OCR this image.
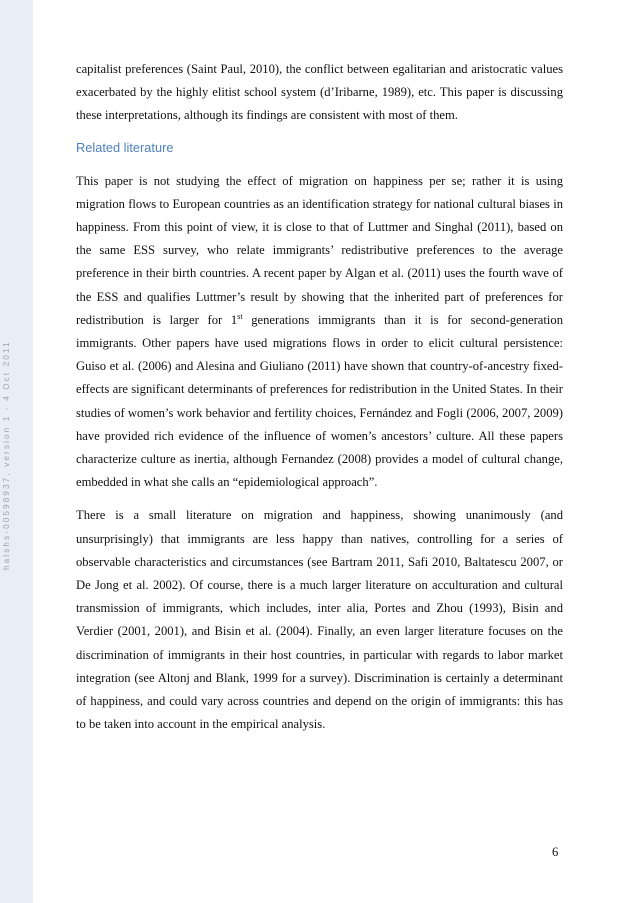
halshs-00598937, version 1 - 4 Oct 2011

capitalist preferences (Saint Paul, 2010), the conflict between egalitarian and aristocratic values exacerbated by the highly elitist school system (d’Iribarne, 1989), etc. This paper is discussing these interpretations, although its findings are consistent with most of them.

Related literature

This paper is not studying the effect of migration on happiness per se; rather it is using migration flows to European countries as an identification strategy for national cultural biases in happiness. From this point of view, it is close to that of Luttmer and Singhal (2011), based on the same ESS survey, who relate immigrants’ redistributive preferences to the average preference in their birth countries. A recent paper by Algan et al. (2011) uses the fourth wave of the ESS and qualifies Luttmer’s result by showing that the inherited part of preferences for redistribution is larger for 1st generations immigrants than it is for second-generation immigrants. Other papers have used migrations flows in order to elicit cultural persistence: Guiso et al. (2006) and Alesina and Giuliano (2011) have shown that country-of-ancestry fixed-effects are significant determinants of preferences for redistribution in the United States. In their studies of women’s work behavior and fertility choices, Fernández and Fogli (2006, 2007, 2009) have provided rich evidence of the influence of women’s ancestors’ culture. All these papers characterize culture as inertia, although Fernandez (2008) provides a model of cultural change, embedded in what she calls an “epidemiological approach”.

There is a small literature on migration and happiness, showing unanimously (and unsurprisingly) that immigrants are less happy than natives, controlling for a series of observable characteristics and circumstances (see Bartram 2011, Safi 2010, Baltatescu 2007, or De Jong et al. 2002). Of course, there is a much larger literature on acculturation and cultural transmission of immigrants, which includes, inter alia, Portes and Zhou (1993), Bisin and Verdier (2001, 2001), and Bisin et al. (2004). Finally, an even larger literature focuses on the discrimination of immigrants in their host countries, in particular with regards to labor market integration (see Altonj and Blank, 1999 for a survey). Discrimination is certainly a determinant of happiness, and could vary across countries and depend on the origin of immigrants: this has to be taken into account in the empirical analysis.

6
